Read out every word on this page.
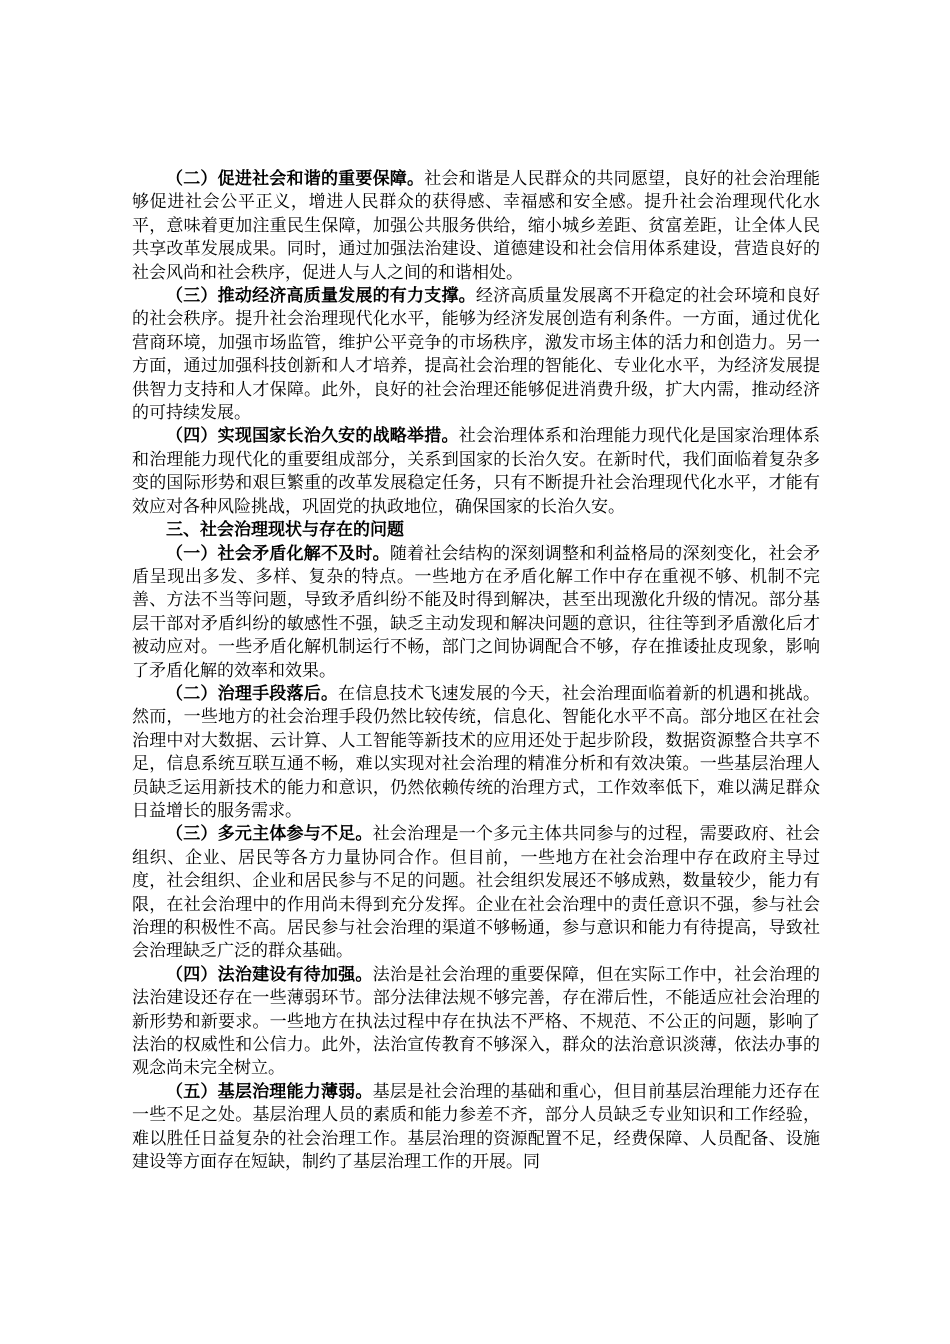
（二）促进社会和谐的重要保障。社会和谐是人民群众的共同愿望，良好的社会治理能够促进社会公平正义，增进人民群众的获得感、幸福感和安全感。提升社会治理现代化水平，意味着更加注重民生保障，加强公共服务供给，缩小城乡差距、贫富差距，让全体人民共享改革发展成果。同时，通过加强法治建设、道德建设和社会信用体系建设，营造良好的社会风尚和社会秩序，促进人与人之间的和谐相处。

（三）推动经济高质量发展的有力支撑。经济高质量发展离不开稳定的社会环境和良好的社会秩序。提升社会治理现代化水平，能够为经济发展创造有利条件。一方面，通过优化营商环境，加强市场监管，维护公平竞争的市场秩序，激发市场主体的活力和创造力。另一方面，通过加强科技创新和人才培养，提高社会治理的智能化、专业化水平，为经济发展提供智力支持和人才保障。此外，良好的社会治理还能够促进消费升级，扩大内需，推动经济的可持续发展。

（四）实现国家长治久安的战略举措。社会治理体系和治理能力现代化是国家治理体系和治理能力现代化的重要组成部分，关系到国家的长治久安。在新时代，我们面临着复杂多变的国际形势和艰巨繁重的改革发展稳定任务，只有不断提升社会治理现代化水平，才能有效应对各种风险挑战，巩固党的执政地位，确保国家的长治久安。

三、社会治理现状与存在的问题

（一）社会矛盾化解不及时。随着社会结构的深刻调整和利益格局的深刻变化，社会矛盾呈现出多发、多样、复杂的特点。一些地方在矛盾化解工作中存在重视不够、机制不完善、方法不当等问题，导致矛盾纠纷不能及时得到解决，甚至出现激化升级的情况。部分基层干部对矛盾纠纷的敏感性不强，缺乏主动发现和解决问题的意识，往往等到矛盾激化后才被动应对。一些矛盾化解机制运行不畅，部门之间协调配合不够，存在推诿扯皮现象，影响了矛盾化解的效率和效果。

（二）治理手段落后。在信息技术飞速发展的今天，社会治理面临着新的机遇和挑战。然而，一些地方的社会治理手段仍然比较传统，信息化、智能化水平不高。部分地区在社会治理中对大数据、云计算、人工智能等新技术的应用还处于起步阶段，数据资源整合共享不足，信息系统互联互通不畅，难以实现对社会治理的精准分析和有效决策。一些基层治理人员缺乏运用新技术的能力和意识，仍然依赖传统的治理方式，工作效率低下，难以满足群众日益增长的服务需求。

（三）多元主体参与不足。社会治理是一个多元主体共同参与的过程，需要政府、社会组织、企业、居民等各方力量协同合作。但目前，一些地方在社会治理中存在政府主导过度，社会组织、企业和居民参与不足的问题。社会组织发展还不够成熟，数量较少，能力有限，在社会治理中的作用尚未得到充分发挥。企业在社会治理中的责任意识不强，参与社会治理的积极性不高。居民参与社会治理的渠道不够畅通，参与意识和能力有待提高，导致社会治理缺乏广泛的群众基础。

（四）法治建设有待加强。法治是社会治理的重要保障，但在实际工作中，社会治理的法治建设还存在一些薄弱环节。部分法律法规不够完善，存在滞后性，不能适应社会治理的新形势和新要求。一些地方在执法过程中存在执法不严格、不规范、不公正的问题，影响了法治的权威性和公信力。此外，法治宣传教育不够深入，群众的法治意识淡薄，依法办事的观念尚未完全树立。

（五）基层治理能力薄弱。基层是社会治理的基础和重心，但目前基层治理能力还存在一些不足之处。基层治理人员的素质和能力参差不齐，部分人员缺乏专业知识和工作经验，难以胜任日益复杂的社会治理工作。基层治理的资源配置不足，经费保障、人员配备、设施建设等方面存在短缺，制约了基层治理工作的开展。同
